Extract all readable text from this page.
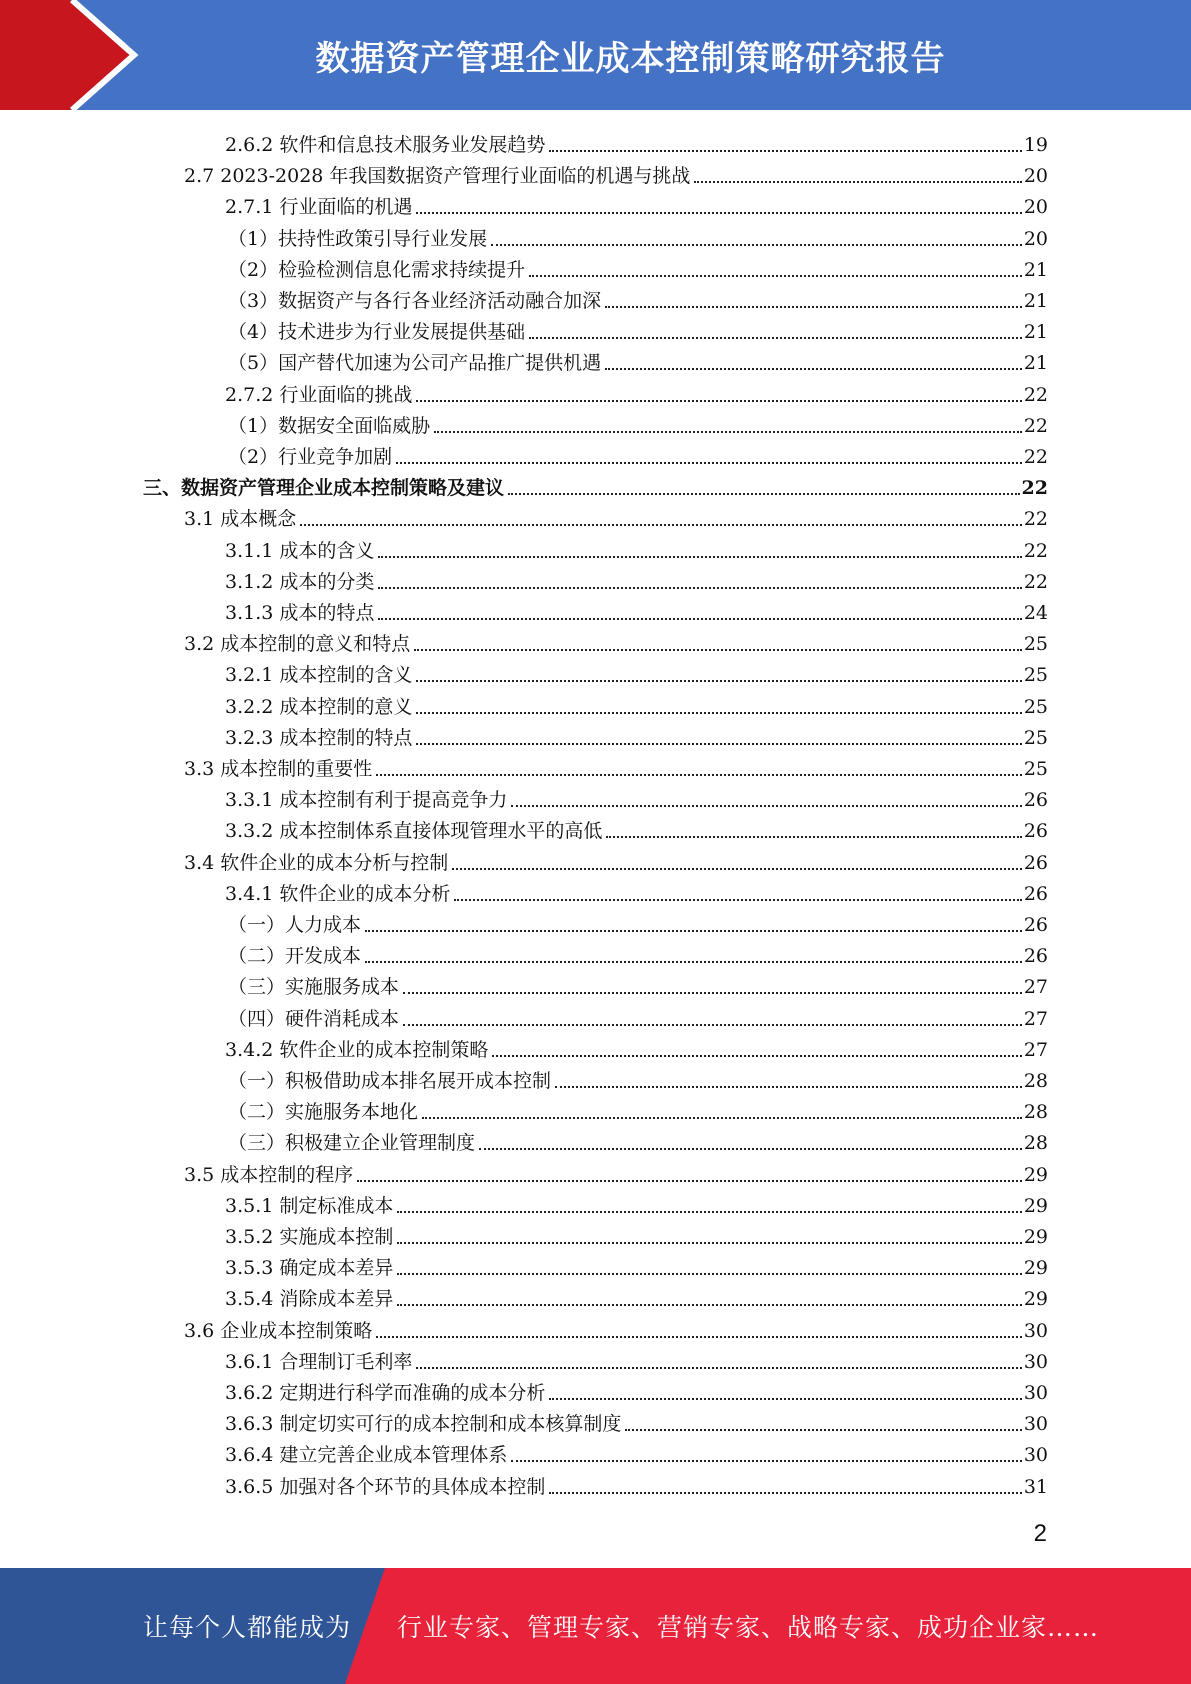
数据资产管理企业成本控制策略研究报告
2.6.2 软件和信息技术服务业发展趋势	19
2.7 2023-2028 年我国数据资产管理行业面临的机遇与挑战	20
2.7.1 行业面临的机遇	20
（1）扶持性政策引导行业发展	20
（2）检验检测信息化需求持续提升	21
（3）数据资产与各行各业经济活动融合加深	21
（4）技术进步为行业发展提供基础	21
（5）国产替代加速为公司产品推广提供机遇	21
2.7.2 行业面临的挑战	22
（1）数据安全面临威胁	22
（2）行业竞争加剧	22
三、数据资产管理企业成本控制策略及建议	22
3.1 成本概念	22
3.1.1 成本的含义	22
3.1.2 成本的分类	22
3.1.3 成本的特点	24
3.2 成本控制的意义和特点	25
3.2.1 成本控制的含义	25
3.2.2 成本控制的意义	25
3.2.3 成本控制的特点	25
3.3 成本控制的重要性	25
3.3.1 成本控制有利于提高竞争力	26
3.3.2 成本控制体系直接体现管理水平的高低	26
3.4 软件企业的成本分析与控制	26
3.4.1 软件企业的成本分析	26
（一）人力成本	26
（二）开发成本	26
（三）实施服务成本	27
（四）硬件消耗成本	27
3.4.2 软件企业的成本控制策略	27
（一）积极借助成本排名展开成本控制	28
（二）实施服务本地化	28
（三）积极建立企业管理制度	28
3.5 成本控制的程序	29
3.5.1 制定标准成本	29
3.5.2 实施成本控制	29
3.5.3 确定成本差异	29
3.5.4 消除成本差异	29
3.6 企业成本控制策略	30
3.6.1 合理制订毛利率	30
3.6.2 定期进行科学而准确的成本分析	30
3.6.3 制定切实可行的成本控制和成本核算制度	30
3.6.4 建立完善企业成本管理体系	30
3.6.5 加强对各个环节的具体成本控制	31
2
让每个人都能成为 行业专家、管理专家、营销专家、战略专家、成功企业家……
